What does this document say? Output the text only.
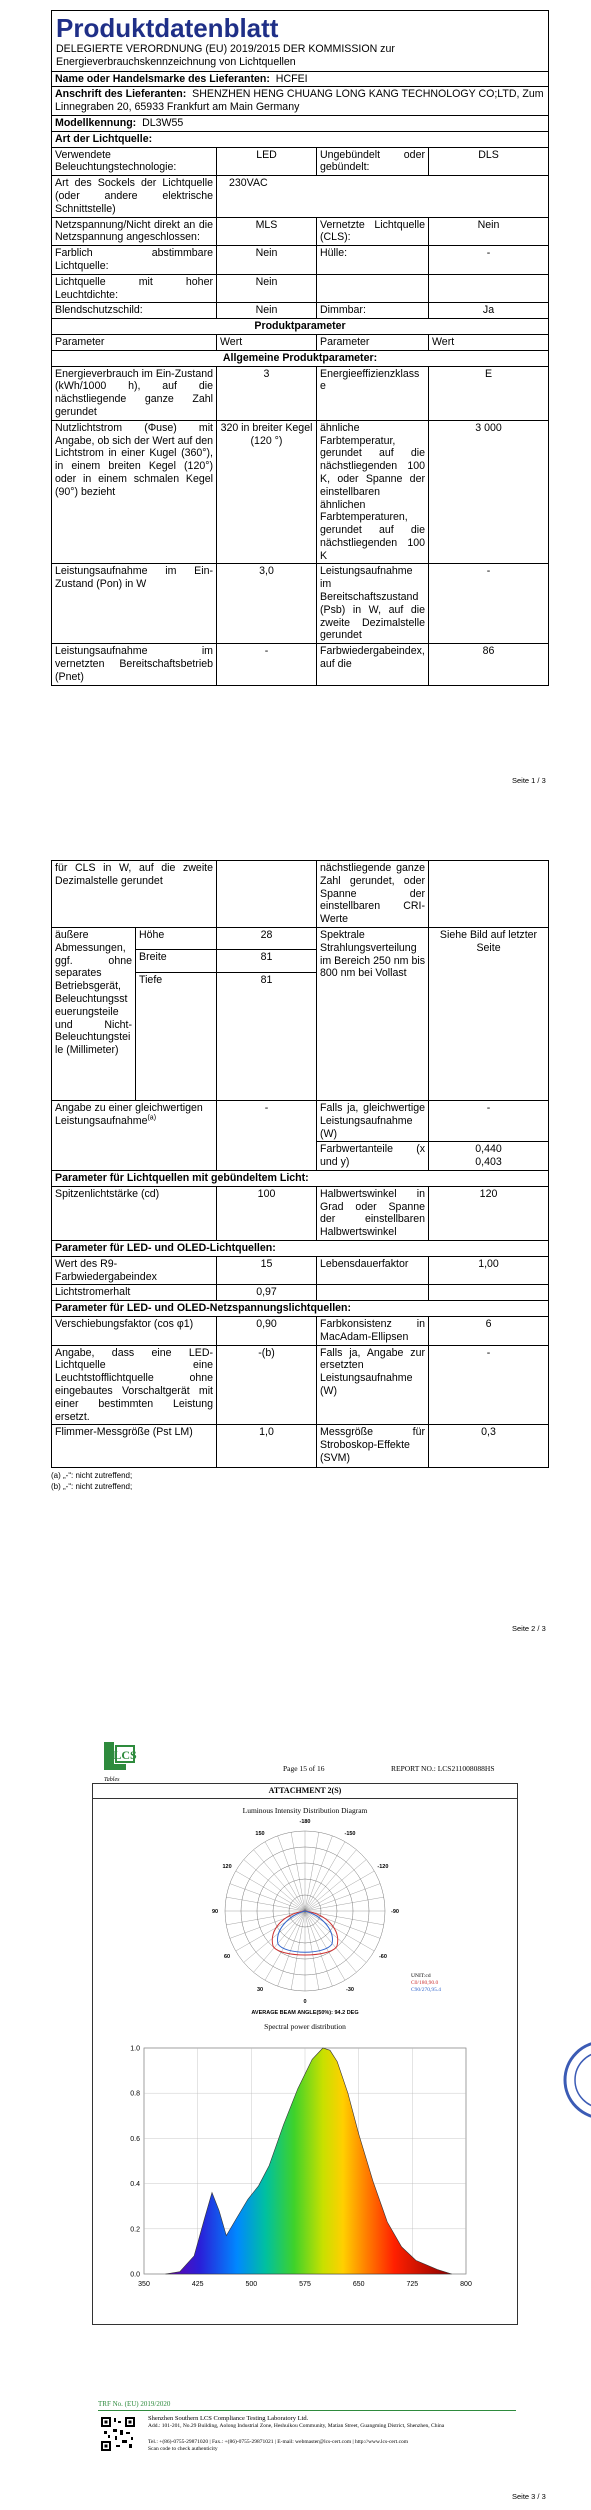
Produktdatenblatt
DELEGIERTE VERORDNUNG (EU) 2019/2015 DER KOMMISSION zur Energieverbrauchskennzeichnung von Lichtquellen			

Name oder Handelsmarke des Lieferanten: HCFEI			
Anschrift des Lieferanten: SHENZHEN HENG CHUANG LONG KANG TECHNOLOGY CO;LTD, Zum Linnegraben 20, 65933 Frankfurt am Main Germany			
Modellkennung: DL3W55			
Art der Lichtquelle:			
Verwendete Beleuchtungstechnologie:	LED	Ungebündelt oder gebündelt:	DLS
Art des Sockels der Lichtquelle (oder andere elektrische Schnittstelle)	230VAC		
Netzspannung/Nicht direkt an die Netzspannung angeschlossen:	MLS	Vernetzte Lichtquelle (CLS):	Nein
Farblich abstimmbare Lichtquelle:	Nein	Hülle:	-
Lichtquelle mit hoher Leuchtdichte:	Nein		
Blendschutzschild:	Nein	Dimmbar:	Ja
Produktparameter			
Parameter	Wert	Parameter	Wert
Allgemeine Produktparameter:			
Energieverbrauch im Ein-Zustand (kWh/1000 h), auf die nächstliegende ganze Zahl gerundet	3	Energieeffizienzklasse	E
Nutzlichtstrom (Φuse) mit Angabe, ob sich der Wert auf den Lichtstrom in einer Kugel (360°), in einem breiten Kegel (120°) oder in einem schmalen Kegel (90°) bezieht	320 in breiter Kegel (120 °)	ähnliche Farbtemperatur, gerundet auf die nächstliegenden 100 K, oder Spanne der einstellbaren ähnlichen Farbtemperaturen, gerundet auf die nächstliegenden 100 K	3 000
Leistungsaufnahme im Ein-Zustand (Pon) in W	3,0	Leistungsaufnahme im Bereitschaftszustand (Psb) in W, auf die zweite Dezimalstelle gerundet	-
Leistungsaufnahme im vernetzten Bereitschaftsbetrieb (Pnet)	-	Farbwiedergabeindex, auf die	86
Seite 1 / 3
für CLS in W, auf die zweite Dezimalstelle gerundet			nächstliegende ganze Zahl gerundet, oder Spanne der einstellbaren CRI-Werte	
äußere Abmessungen, ggf. ohne separates Betriebsgerät, Beleuchtungssteuerungsteile und Nicht-Beleuchtungsteile (Millimeter)	Höhe	28	Spektrale Strahlungsverteilung im Bereich 250 nm bis 800 nm bei Vollast	Siehe Bild auf letzter Seite
	Breite	81		
	Tiefe	81		
Angabe zu einer gleichwertigen Leistungsaufnahme$^{(a)}$		-	Falls ja, gleichwertige Leistungsaufnahme (W)	-
			Farbwertanteile (x und y)	0,440
0,403

Parameter für Lichtquellen mit gebündeltem Licht:				
Spitzenlichtstärke (cd)		100	Halbwertswinkel in Grad oder Spanne der einstellbaren Halbwertswinkel	120
Parameter für LED- und OLED-Lichtquellen:				
Wert des R9-Farbwiedergabeindex		15	Lebensdauerfaktor	1,00
Lichtstromerhalt		0,97		
Parameter für LED- und OLED-Netzspannungslichtquellen:				
Verschiebungsfaktor (cos φ1)		0,90	Farbkonsistenz in MacAdam-Ellipsen	6
Angabe, dass eine LED-Lichtquelle eine Leuchtstofflichtquelle ohne eingebautes Vorschaltgerät mit einer bestimmten Leistung ersetzt.		-(b)	Falls ja, Angabe zur ersetzten Leistungsaufnahme (W)	-
Flimmer-Messgröße (Pst LM)		1,0	Messgröße für Stroboskop-Effekte (SVM)	0,3
(a) „-“: nicht zutreffend;
(b) „-“: nicht zutreffend;
Seite 2 / 3
LCS
Tables
Page 15 of 16	REPORT NO.: LCS211008088HS
ATTACHMENT 2(S)
Luminous Intensity Distribution Diagram
-180
-150
-120
-90
-60
-30
0
30
60
90
120
150
UNIT:cd
C0/180,90.0
C90/270,95.4
AVERAGE BEAM ANGLE(50%): 94.2 DEG
Spectral power distribution
0.0
0.2
0.4
0.6
0.8
1.0
350	425	500	575	650	725	800
TRF No. (EU) 2019/2020
Shenzhen Southern LCS Compliance Testing Laboratory Ltd.
Add.: 101-201, No.29 Building, Aolong Industrial Zone, Heshuikou Community, Matian Street, Guangming District, Shenzhen, China
Tel.: +(86)-0755-29871020 | Fax.: +(86)-0755-29871021 | E-mail: webmaster@lcs-cert.com | http://www.lcs-cert.com
Scan code to check authenticity
Seite 3 / 3
